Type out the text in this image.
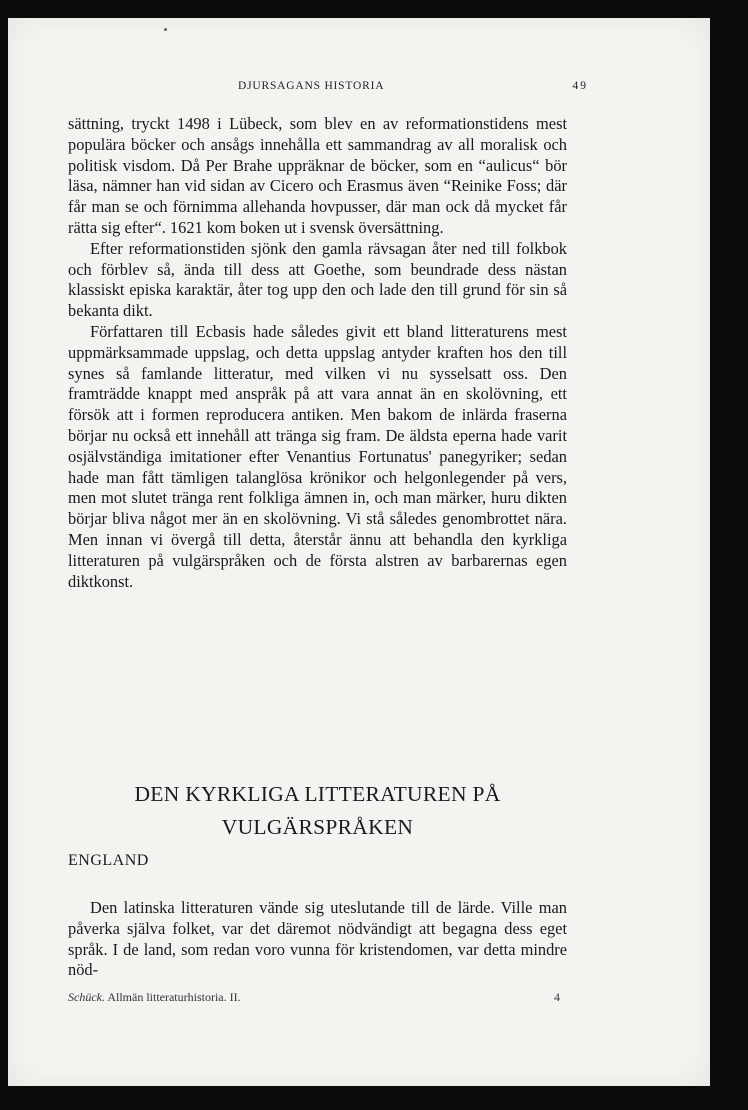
DJURSAGANS HISTORIA	49

sättning, tryckt 1498 i Lübeck, som blev en av reformationstidens mest populära böcker och ansågs innehålla ett sammandrag av all moralisk och politisk visdom. Då Per Brahe uppräknar de böcker, som en “aulicus“ bör läsa, nämner han vid sidan av Cicero och Erasmus även “Reinike Foss; där får man se och förnimma allehanda hovpusser, där man ock då mycket får rätta sig efter“. 1621 kom boken ut i svensk översättning.

Efter reformationstiden sjönk den gamla rävsagan åter ned till folkbok och förblev så, ända till dess att Goethe, som beundrade dess nästan klassiskt episka karaktär, åter tog upp den och lade den till grund för sin så bekanta dikt.

Författaren till Ecbasis hade således givit ett bland litteraturens mest uppmärksammade uppslag, och detta uppslag antyder kraften hos den till synes så famlande litteratur, med vilken vi nu sysselsatt oss. Den framträdde knappt med anspråk på att vara annat än en skolövning, ett försök att i formen reproducera antiken. Men bakom de inlärda fraserna börjar nu också ett innehåll att tränga sig fram. De äldsta eperna hade varit osjälvständiga imitationer efter Venantius Fortunatus' panegyriker; sedan hade man fått tämligen talanglösa krönikor och helgonlegender på vers, men mot slutet tränga rent folkliga ämnen in, och man märker, huru dikten börjar bliva något mer än en skolövning. Vi stå således genombrottet nära. Men innan vi övergå till detta, återstår ännu att behandla den kyrkliga litteraturen på vulgärspråken och de första alstren av barbarernas egen diktkonst.

DEN KYRKLIGA LITTERATUREN PÅ
VULGÄRSPRÅKEN
ENGLAND

Den latinska litteraturen vände sig uteslutande till de lärde. Ville man påverka själva folket, var det däremot nödvändigt att begagna dess eget språk. I de land, som redan voro vunna för kristendomen, var detta mindre nöd-

Schück. Allmän litteraturhistoria. II.	4
